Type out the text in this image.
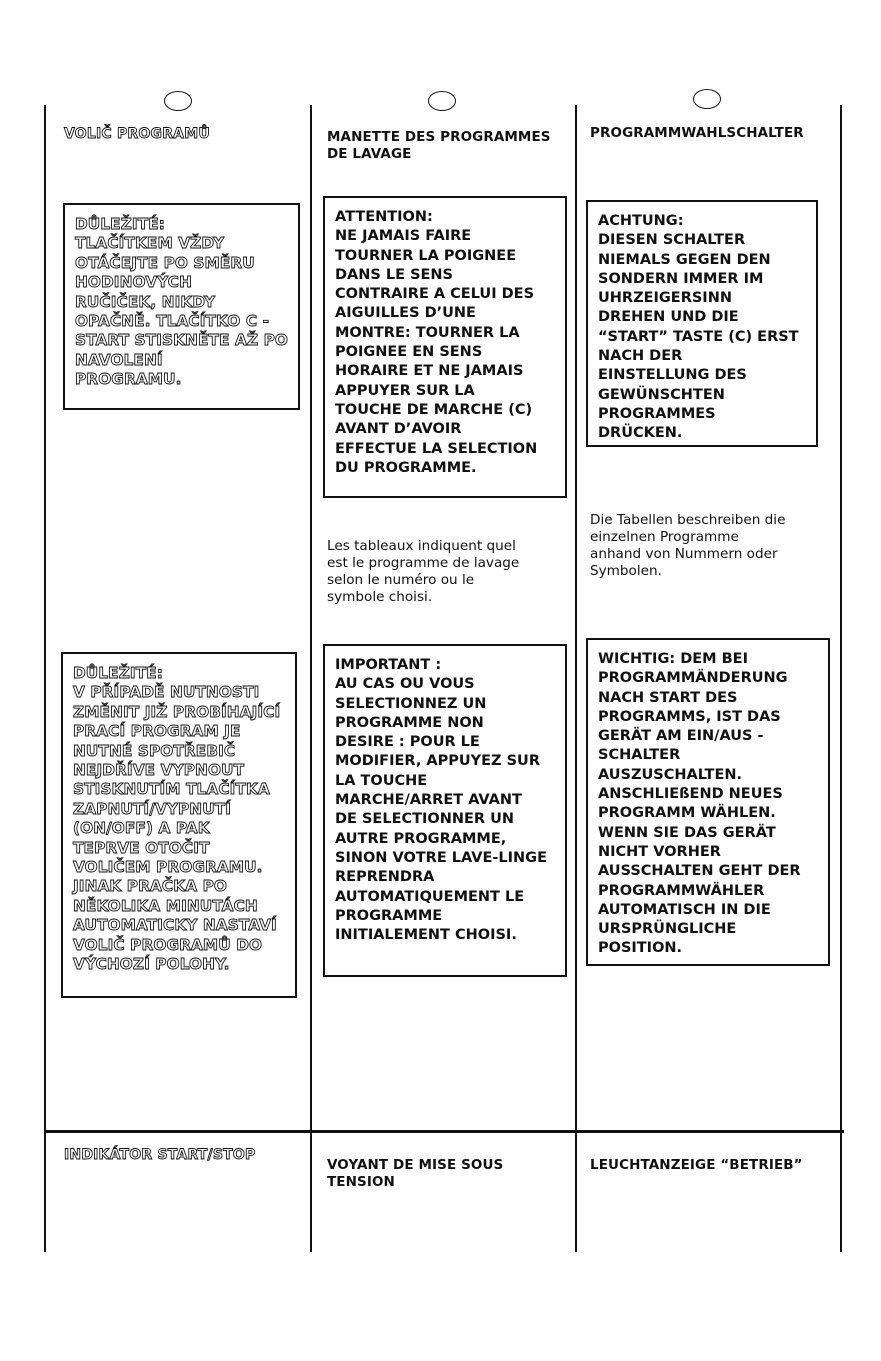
VOLIČ PROGRAMŮ
DŮLEŽITÉ:
TLAČÍTKEM VŽDY
OTÁČEJTE PO SMĚRU
HODINOVÝCH
RUČIČEK, NIKDY
OPAČNĚ. TLAČÍTKO C -
START STISKNĚTE AŽ PO
NAVOLENÍ
PROGRAMU.
DŮLEŽITÉ:
V PŘÍPADĚ NUTNOSTI
ZMĚNIT JIŽ PROBÍHAJÍCÍ
PRACÍ PROGRAM JE
NUTNÉ SPOTŘEBIČ
NEJDŘÍVE VYPNOUT
STISKNUTÍM TLAČÍTKA
ZAPNUTÍ/VYPNUTÍ
(ON/OFF) A PAK
TEPRVE OTOČIT
VOLIČEM PROGRAMU.
JINAK PRAČKA PO
NĚKOLIKA MINUTÁCH
AUTOMATICKY NASTAVÍ
VOLIČ PROGRAMŮ DO
VÝCHOZÍ POLOHY.
INDIKÁTOR START/STOP
MANETTE DES PROGRAMMES
DE LAVAGE
ATTENTION:
NE JAMAIS FAIRE
TOURNER LA POIGNEE
DANS LE SENS
CONTRAIRE A CELUI DES
AIGUILLES D’UNE
MONTRE: TOURNER LA
POIGNEE EN SENS
HORAIRE ET NE JAMAIS
APPUYER SUR LA
TOUCHE DE MARCHE (C)
AVANT D’AVOIR
EFFECTUE LA SELECTION
DU PROGRAMME.
Les tableaux indiquent quel
est le programme de lavage
selon le numéro ou le
symbole choisi.
IMPORTANT :
AU CAS OU VOUS
SELECTIONNEZ UN
PROGRAMME NON
DESIRE : POUR LE
MODIFIER, APPUYEZ SUR
LA TOUCHE
MARCHE/ARRET AVANT
DE SELECTIONNER UN
AUTRE PROGRAMME,
SINON VOTRE LAVE-LINGE
REPRENDRA
AUTOMATIQUEMENT LE
PROGRAMME
INITIALEMENT CHOISI.
VOYANT DE MISE SOUS
TENSION
PROGRAMMWAHLSCHALTER
ACHTUNG:
DIESEN SCHALTER
NIEMALS GEGEN DEN
SONDERN IMMER IM
UHRZEIGERSINN
DREHEN UND DIE
“START” TASTE (C) ERST
NACH DER
EINSTELLUNG DES
GEWÜNSCHTEN
PROGRAMMES
DRÜCKEN.
Die Tabellen beschreiben die
einzelnen Programme
anhand von Nummern oder
Symbolen.
WICHTIG: DEM BEI
PROGRAMMÄNDERUNG
NACH START DES
PROGRAMMS, IST DAS
GERÄT AM EIN/AUS -
SCHALTER
AUSZUSCHALTEN.
ANSCHLIEßEND NEUES
PROGRAMM WÄHLEN.
WENN SIE DAS GERÄT
NICHT VORHER
AUSSCHALTEN GEHT DER
PROGRAMMWÄHLER
AUTOMATISCH IN DIE
URSPRÜNGLICHE
POSITION.
LEUCHTANZEIGE “BETRIEB”
